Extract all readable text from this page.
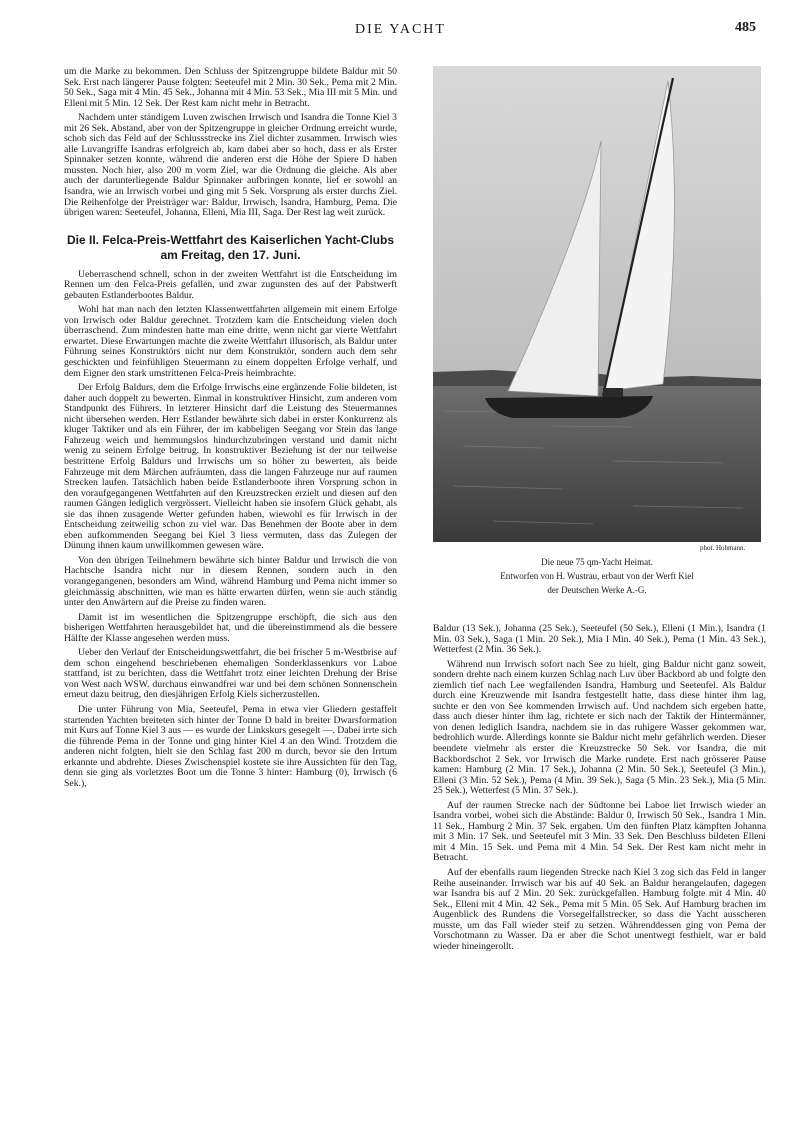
DIE YACHT	485

um die Marke zu bekommen. Den Schluss der Spitzengruppe bildete Baldur mit 50 Sek. Erst nach längerer Pause folgten: Seeteufel mit 2 Min. 30 Sek., Pema mit 2 Min. 50 Sek., Saga mit 4 Min. 45 Sek., Johanna mit 4 Min. 53 Sek., Mia III mit 5 Min. und Elleni mit 5 Min. 12 Sek. Der Rest kam nicht mehr in Betracht.

Nachdem unter ständigem Luven zwischen Irrwisch und Isandra die Tonne Kiel 3 mit 26 Sek. Abstand, aber von der Spitzengruppe in gleicher Ordnung erreicht wurde, schob sich das Feld auf der Schlussstrecke ins Ziel dichter zusammen. Irrwisch wies alle Luvangriffe Isandras erfolgreich ab, kam dabei aber so hoch, dass er als Erster Spinnaker setzen konnte, während die anderen erst die Höhe der Spiere D haben mussten. Noch hier, also 200 m vorm Ziel, war die Ordnung die gleiche. Als aber auch der darunterliegende Baldur Spinnaker aufbringen konnte, lief er sowohl an Isandra, wie an Irrwisch vorbei und ging mit 5 Sek. Vorsprung als erster durchs Ziel. Die Reihenfolge der Preisträger war: Baldur, Irrwisch, Isandra, Hamburg, Pema. Die übrigen waren: Seeteufel, Johanna, Elleni, Mia III, Saga. Der Rest lag weit zurück.

Die II. Felca-Preis-Wettfahrt des Kaiserlichen Yacht-Clubs am Freitag, den 17. Juni.

Ueberraschend schnell, schon in der zweiten Wettfahrt ist die Entscheidung im Rennen um den Felca-Preis gefallen, und zwar zugunsten des auf der Pabstwerft gebauten Estlanderbootes Baldur.

Wohl hat man nach den letzten Klassenwettfahrten allgemein mit einem Erfolge von Irrwisch oder Baldur gerechnet. Trotzdem kam die Entscheidung vielen doch überraschend. Zum mindesten hatte man eine dritte, wenn nicht gar vierte Wettfahrt erwartet. Diese Erwartungen machte die zweite Wettfahrt illusorisch, als Baldur unter Führung seines Konstruktörs nicht nur dem Konstruktör, sondern auch dem sehr geschickten und feinfühligen Steuermann zu einem doppelten Erfolge verhalf, und dem Eigner den stark umstrittenen Felca-Preis heimbrachte.

Der Erfolg Baldurs, dem die Erfolge Irrwischs eine ergänzende Folie bildeten, ist daher auch doppelt zu bewerten. Einmal in konstruktiver Hinsicht, zum anderen vom Standpunkt des Führers. In letzterer Hinsicht darf die Leistung des Steuermannes nicht übersehen werden. Herr Estlander bewährte sich dabei in erster Konkurrenz als kluger Taktiker und als ein Führer, der im kabbeligen Seegang vor Stein das lange Fahrzeug weich und hemmungslos hindurchzubringen verstand und damit nicht wenig zu seinem Erfolge beitrug. In konstruktiver Beziehung ist der nur teilweise bestrittene Erfolg Baldurs und Irrwischs um so höher zu bewerten, als beide Fahrzeuge mit dem Märchen aufräumten, dass die langen Fahrzeuge nur auf raumen Strecken laufen. Tatsächlich haben beide Estlanderboote ihren Vorsprung schon in den voraufgegangenen Wettfahrten auf den Kreuzstrecken erzielt und diesen auf den raumen Gängen lediglich vergrössert. Vielleicht haben sie insofern Glück gehabt, als sie das ihnen zusagende Wetter gefunden haben, wiewohl es für Irrwisch in der Entscheidung zeitweilig schon zu viel war. Das Benehmen der Boote aber in dem eben aufkommenden Seegang bei Kiel 3 liess vermuten, dass das Zulegen der Dünung ihnen kaum unwillkommen gewesen wäre.

Von den übrigen Teilnehmern bewährte sich hinter Baldur und Irrwisch die von Hachtsche Isandra nicht nur in diesem Rennen, sondern auch in den vorangegangenen, besonders am Wind, während Hamburg und Pema nicht immer so gleichmässig abschnitten, wie man es hätte erwarten dürfen, wenn sie auch ständig unter den Anwärtern auf die Preise zu finden waren.

Damit ist im wesentlichen die Spitzengruppe erschöpft, die sich aus den bisherigen Wettfahrten herausgebildet hat, und die übereinstimmend als die bessere Hälfte der Klasse angesehen werden muss.

Ueber den Verlauf der Entscheidungswettfahrt, die bei frischer 5 m-Westbrise auf dem schon eingehend beschriebenen ehemaligen Sonderklassenkurs vor Laboe stattfand, ist zu berichten, dass die Wettfahrt trotz einer leichten Drehung der Brise von West nach WSW. durchaus einwandfrei war und bei dem schönen Sonnenschein erneut dazu beitrug, den diesjährigen Erfolg Kiels sicherzustellen.

Die unter Führung von Mia, Seeteufel, Pema in etwa vier Gliedern gestaffelt startenden Yachten breiteten sich hinter der Tonne D bald in breiter Dwarsformation mit Kurs auf Tonne Kiel 3 aus — es wurde der Linkskurs gesegelt —. Dabei irrte sich die führende Pema in der Tonne und ging hinter Kiel 4 an den Wind. Trotzdem die anderen nicht folgten, hielt sie den Schlag fast 200 m durch, bevor sie den Irrtum erkannte und abdrehte. Dieses Zwischenspiel kostete sie ihre Aussichten für den Tag, denn sie ging als vorletztes Boot um die Tonne 3 hinter: Hamburg (0), Irrwisch (6 Sek.),

phot. Hohmann.
Die neue 75 qm-Yacht Heimat.
Entworfen von H. Wustrau, erbaut von der Werft Kiel
der Deutschen Werke A.-G.

Baldur (13 Sek.), Johanna (25 Sek.), Seeteufel (50 Sek.), Elleni (1 Min.), Isandra (1 Min. 03 Sek.), Saga (1 Min. 20 Sek.), Mia I Min. 40 Sek.), Pema (1 Min. 43 Sek.), Wetterfest (2 Min. 36 Sek.).

Während nun Irrwisch sofort nach See zu hielt, ging Baldur nicht ganz soweit, sondern drehte nach einem kurzen Schlag nach Luv über Backbord ab und folgte den ziemlich tief nach Lee wegfallenden Isandra, Hamburg und Seeteufel. Als Baldur durch eine Kreuzwende mit Isandra festgestellt hatte, dass diese hinter ihm lag, suchte er den von See kommenden Irrwisch auf. Und nachdem sich ergeben hatte, dass auch dieser hinter ihm lag, richtete er sich nach der Taktik der Hintermänner, von denen lediglich Isandra, nachdem sie in das ruhigere Wasser gekommen war, bedrohlich wurde. Allerdings konnte sie Baldur nicht mehr gefährlich werden. Dieser beendete vielmehr als erster die Kreuzstrecke 50 Sek. vor Isandra, die mit Backbordschot 2 Sek. vor Irrwisch die Marke rundete. Erst nach grösserer Pause kamen: Hamburg (2 Min. 17 Sek.), Johanna (2 Min. 50 Sek.), Seeteufel (3 Min.), Elleni (3 Min. 52 Sek.), Pema (4 Min. 39 Sek.), Saga (5 Min. 23 Sek.), Mia (5 Min. 25 Sek.), Wetterfest (5 Min. 37 Sek.).

Auf der raumen Strecke nach der Südtonne bei Laboe liet Irrwisch wieder an Isandra vorbei, wobei sich die Abstände: Baldur 0, Irrwisch 50 Sek., Isandra 1 Min. 11 Sek., Hamburg 2 Min. 37 Sek. ergaben. Um den fünften Platz kämpften Johanna mit 3 Min. 17 Sek. und Seeteufel mit 3 Min. 33 Sek. Den Beschluss bildeten Elleni mit 4 Min. 15 Sek. und Pema mit 4 Min. 54 Sek. Der Rest kam nicht mehr in Betracht.

Auf der ebenfalls raum liegenden Strecke nach Kiel 3 zog sich das Feld in langer Reihe auseinander. Irrwisch war bis auf 40 Sek. an Baldur herangelaufen, dagegen war Isandra bis auf 2 Min. 20 Sek. zurückgefallen. Hamburg folgte mit 4 Min. 40 Sek., Elleni mit 4 Min. 42 Sek., Pema mit 5 Min. 05 Sek. Auf Hamburg brachen im Augenblick des Rundens die Vorsegelfallstrecker, so dass die Yacht ausscheren musste, um das Fall wieder steif zu setzen. Währenddessen ging von Pema der Vorschotmann zu Wasser. Da er aber die Schot unentwegt festhielt, war er bald wieder hineingerollt.
